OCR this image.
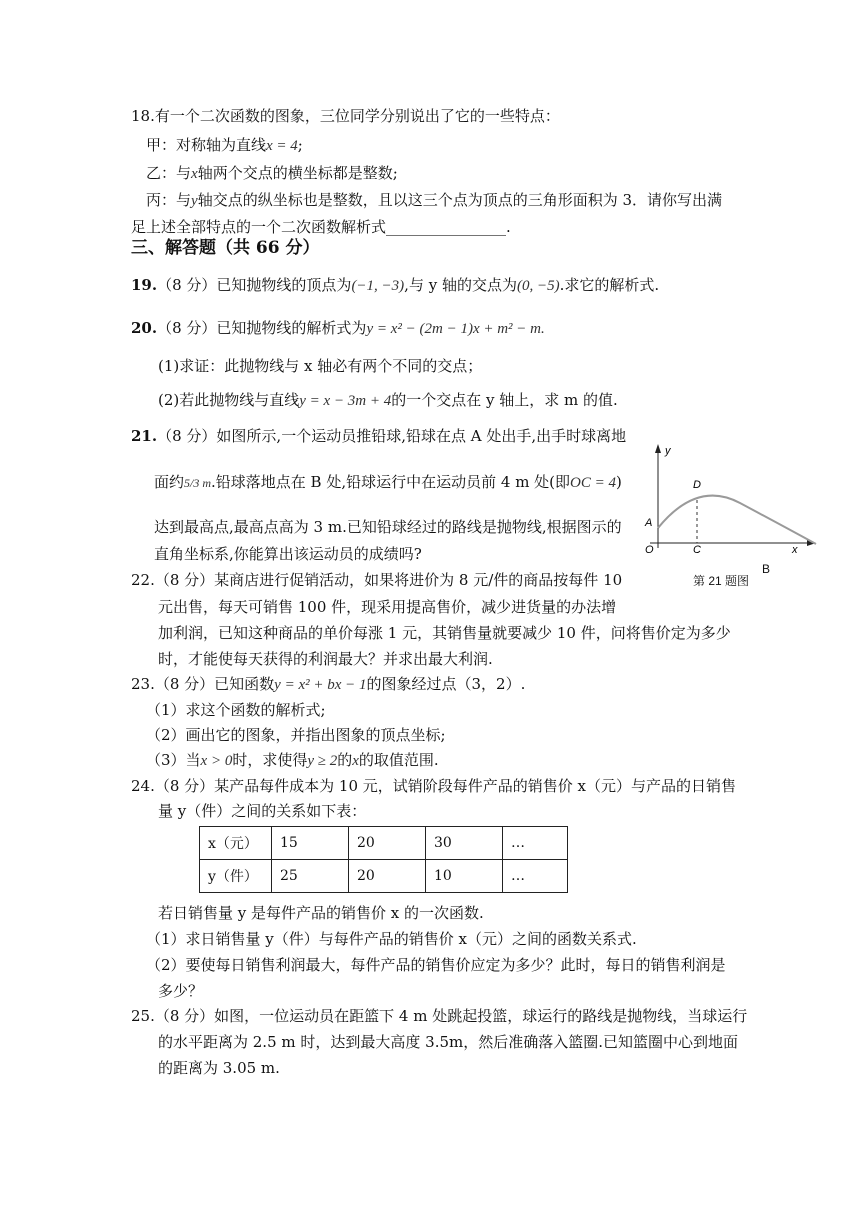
18.有一个二次函数的图象，三位同学分别说出了它的一些特点：
甲：对称轴为直线x = 4;
乙：与x轴两个交点的横坐标都是整数;
丙：与y轴交点的纵坐标也是整数，且以这三个点为顶点的三角形面积为 3．请你写出满
足上述全部特点的一个二次函数解析式________________.
三、解答题（共 66 分）
19.（8 分）已知抛物线的顶点为(−1, −3),与 y 轴的交点为(0, −5).求它的解析式.
20.（8 分）已知抛物线的解析式为y = x² − (2m − 1)x + m² − m.
(1)求证：此抛物线与 x 轴必有两个不同的交点；
(2)若此抛物线与直线y = x − 3m + 4的一个交点在 y 轴上，求 m 的值.
21.（8 分）如图所示,一个运动员推铅球,铅球在点 A 处出手,出手时球离地
面约5/3 m.铅球落地点在 B 处,铅球运行中在运动员前 4 m 处(即OC = 4)
达到最高点,最高点高为 3 m.已知铅球经过的路线是抛物线,根据图示的
直角坐标系,你能算出该运动员的成绩吗?
y
x
A
D
O	C
B
第 21 题图
22.（8 分）某商店进行促销活动，如果将进价为 8 元/件的商品按每件 10
元出售，每天可销售 100 件，现采用提高售价，减少进货量的办法增
加利润，已知这种商品的单价每涨 1 元，其销售量就要减少 10 件，问将售价定为多少
时，才能使每天获得的利润最大？并求出最大利润.
23.（8 分）已知函数y = x² + bx − 1的图象经过点（3，2）.
（1）求这个函数的解析式;
（2）画出它的图象，并指出图象的顶点坐标;
（3）当x > 0时，求使得y ≥ 2的x的取值范围.
24.（8 分）某产品每件成本为 10 元，试销阶段每件产品的销售价 x（元）与产品的日销售
量 y（件）之间的关系如下表：
x（元）	15	20	30	…
y（件）	25	20	10	…
若日销售量 y 是每件产品的销售价 x 的一次函数.
（1）求日销售量 y（件）与每件产品的销售价 x（元）之间的函数关系式.
（2）要使每日销售利润最大，每件产品的销售价应定为多少？此时，每日的销售利润是
多少？
25.（8 分）如图，一位运动员在距篮下 4 m 处跳起投篮，球运行的路线是抛物线，当球运行
的水平距离为 2.5 m 时，达到最大高度 3.5m，然后准确落入篮圈.已知篮圈中心到地面
的距离为 3.05 m.
